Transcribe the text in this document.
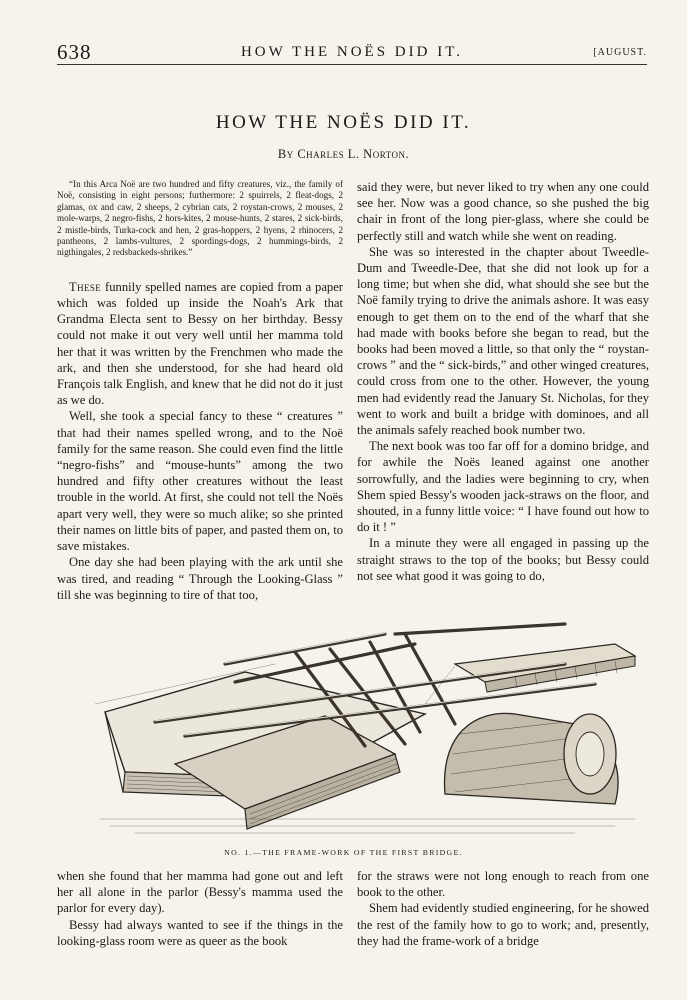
638	HOW THE NOËS DID IT.	[AUGUST.
HOW THE NOËS DID IT.
By Charles L. Norton.

“In this Arca Noë are two hundred and fifty creatures, viz., the family of Noë, consisting in eight persons; furthermore: 2 spuirrels, 2 fleat-dogs, 2 glamas, ox and caw, 2 sheeps, 2 cybrian cats, 2 roystan-crows, 2 mouses, 2 mole-warps, 2 negro-fishs, 2 hors-kites, 2 mouse-hunts, 2 stares, 2 sick-birds, 2 mistle-birds, Turka-cock and hen, 2 gras-hoppers, 2 hyens, 2 rhinocers, 2 pantheons, 2 lambs-vultures, 2 spordings-dogs, 2 hummings-birds, 2 nigthingales, 2 redsbackeds-shrikes.”

These funnily spelled names are copied from a paper which was folded up inside the Noah's Ark that Grandma Electa sent to Bessy on her birthday. Bessy could not make it out very well until her mamma told her that it was written by the Frenchmen who made the ark, and then she understood, for she had heard old François talk English, and knew that he did not do it just as we do.

Well, she took a special fancy to these “ creatures ” that had their names spelled wrong, and to the Noë family for the same reason. She could even find the little “negro-fishs” and “mouse-hunts” among the two hundred and fifty other creatures without the least trouble in the world. At first, she could not tell the Noës apart very well, they were so much alike; so she printed their names on little bits of paper, and pasted them on, to save mistakes.

One day she had been playing with the ark until she was tired, and reading “ Through the Looking-Glass ” till she was beginning to tire of that too,

said they were, but never liked to try when any one could see her. Now was a good chance, so she pushed the big chair in front of the long pier-glass, where she could be perfectly still and watch while she went on reading.

She was so interested in the chapter about Tweedle-Dum and Tweedle-Dee, that she did not look up for a long time; but when she did, what should she see but the Noë family trying to drive the animals ashore. It was easy enough to get them on to the end of the wharf that she had made with books before she began to read, but the books had been moved a little, so that only the “ roystan-crows ” and the “ sick-birds,” and other winged creatures, could cross from one to the other. However, the young men had evidently read the January St. Nicholas, for they went to work and built a bridge with dominoes, and all the animals safely reached book number two.

The next book was too far off for a domino bridge, and for awhile the Noës leaned against one another sorrowfully, and the ladies were beginning to cry, when Shem spied Bessy's wooden jack-straws on the floor, and shouted, in a funny little voice: “ I have found out how to do it ! ”

In a minute they were all engaged in passing up the straight straws to the top of the books; but Bessy could not see what good it was going to do,

NO. 1.—THE FRAME-WORK OF THE FIRST BRIDGE.

when she found that her mamma had gone out and left her all alone in the parlor (Bessy's mamma used the parlor for every day).

Bessy had always wanted to see if the things in the looking-glass room were as queer as the book

for the straws were not long enough to reach from one book to the other.

Shem had evidently studied engineering, for he showed the rest of the family how to go to work; and, presently, they had the frame-work of a bridge
